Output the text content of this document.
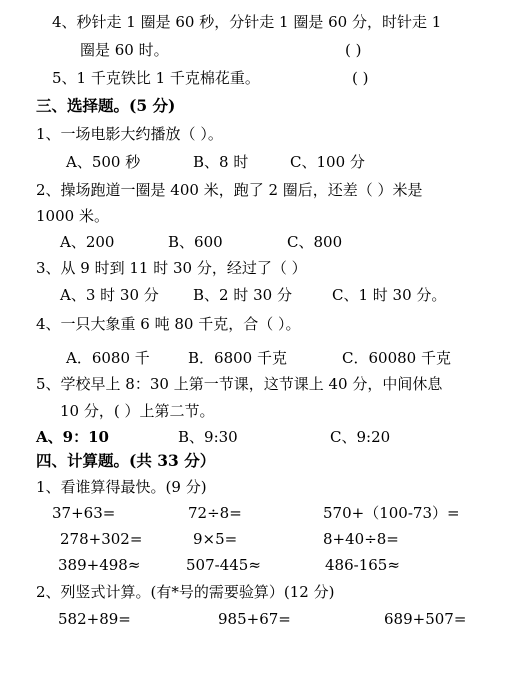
4、秒针走 1 圈是 60 秒，分针走 1 圈是 60 分，时针走 1
圈是 60 时。	( )
5、1 千克铁比 1 千克棉花重。	( )
三、选择题。(5 分)
1、一场电影大约播放（ ）。
A、500 秒	B、8 时	C、100 分
2、操场跑道一圈是 400 米，跑了 2 圈后，还差（ ）米是
1000 米。
A、200	B、600	C、800
3、从 9 时到 11 时 30 分，经过了（ ）
A、3 时 30 分 B、2 时 30 分	C、1 时 30 分。
4、一只大象重 6 吨 80 千克，合（ ）。
A．6080 千	B．6800 千克	C．60080 千克
5、学校早上 8：30 上第一节课，这节课上 40 分，中间休息
10 分，( ）上第二节。
A、9：10	B、9:30	C、9:20
四、计算题。(共 33 分）
1、看谁算得最快。(9 分)
37+63=	72÷8=	570+（100-73）=
278+302=	9×5=	8+40÷8=
389+498≈	507-445≈	486-165≈
2、列竖式计算。(有*号的需要验算）(12 分)
582+89=	985+67=	689+507=
